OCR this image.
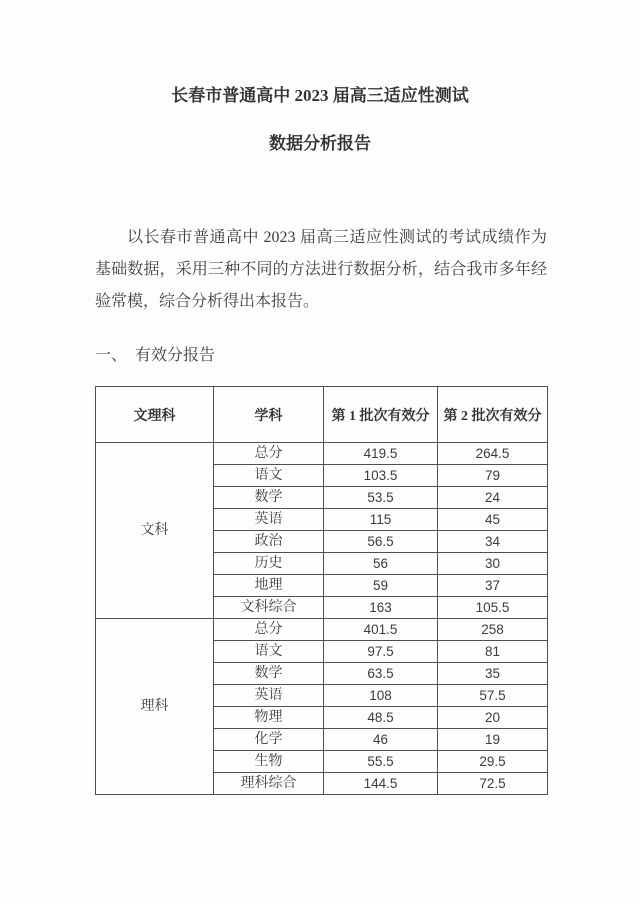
长春市普通高中 2023 届高三适应性测试
数据分析报告

以长春市普通高中 2023 届高三适应性测试的考试成绩作为基础数据，采用三种不同的方法进行数据分析，结合我市多年经验常模，综合分析得出本报告。

一、  有效分报告
文理科	学科	第 1 批次有效分	第 2 批次有效分
文科	总分	419.5	264.5
	语文	103.5	79
	数学	53.5	24
	英语	115	45
	政治	56.5	34
	历史	56	30
	地理	59	37
	文科综合	163	105.5
理科	总分	401.5	258
	语文	97.5	81
	数学	63.5	35
	英语	108	57.5
	物理	48.5	20
	化学	46	19
	生物	55.5	29.5
	理科综合	144.5	72.5
